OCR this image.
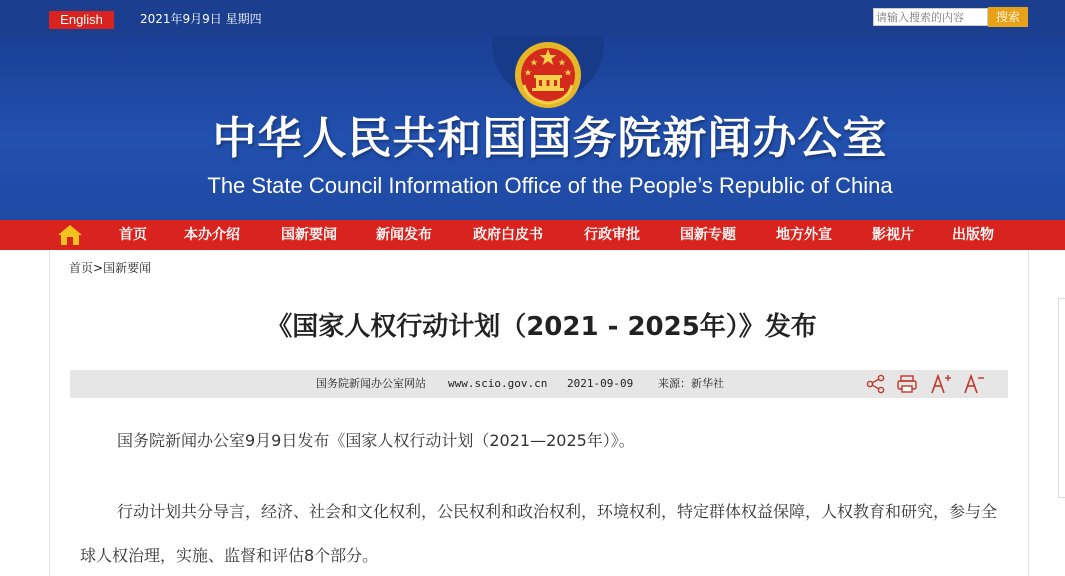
English	2021年9月9日 星期四
请输入搜索的内容	搜索
中华人民共和国国务院新闻办公室
The State Council Information Office of the People’s Republic of China
首页	本办介绍	国新要闻	新闻发布	政府白皮书	行政审批	国新专题	地方外宣	影视片	出版物
首页>国新要闻
《国家人权行动计划（2021 - 2025年）》发布
国务院新闻办公室网站 www.scio.gov.cn 2021-09-09 来源：新华社
国务院新闻办公室9月9日发布《国家人权行动计划（2021—2025年）》。
行动计划共分导言，经济、社会和文化权利，公民权利和政治权利，环境权利，特定群体权益保障，人权教育和研究，参与全球人权治理，实施、监督和评估8个部分。
